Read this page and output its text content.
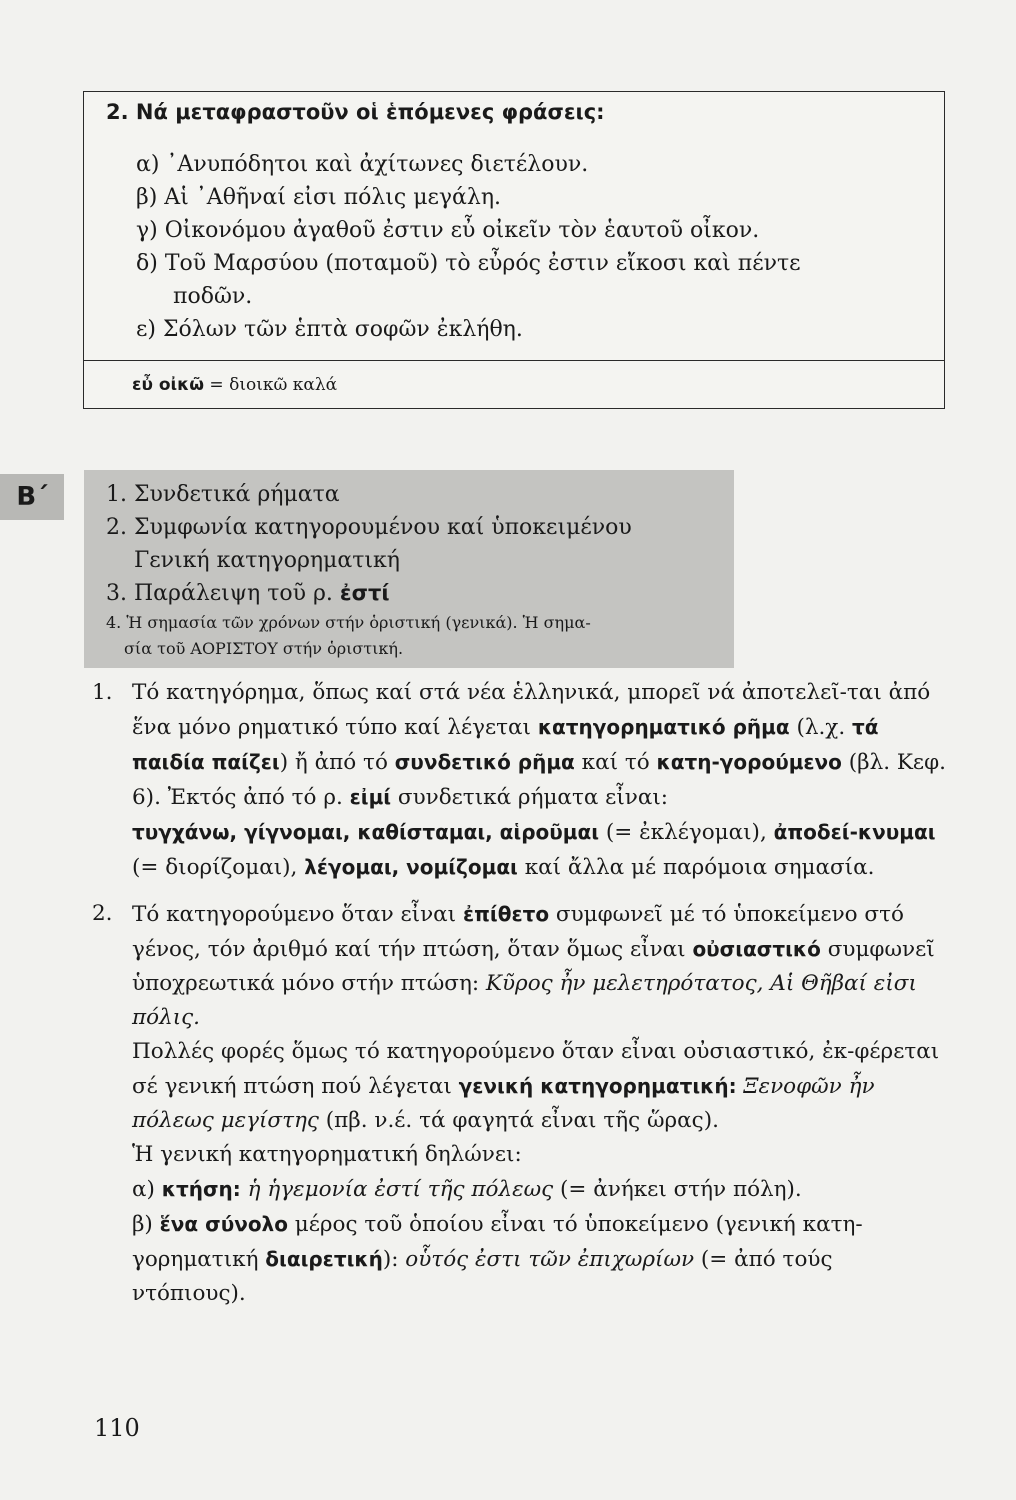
2. Νά μεταφραστοῦν οἱ ἑπόμενες φράσεις:
α) ᾽Ανυπόδητοι καὶ ἀχίτωνες διετέλουν.
β) Αἱ ᾽Αθῆναί εἰσι πόλις μεγάλη.
γ) Οἰκονόμου ἀγαθοῦ ἐστιν εὖ οἰκεῖν τὸν ἑαυτοῦ οἶκον.
δ) Τοῦ Μαρσύου (ποταμοῦ) τὸ εὖρός ἐστιν εἴκοσι καὶ πέντε
ποδῶν.
ε) Σόλων τῶν ἑπτὰ σοφῶν ἐκλήθη.
εὖ οἰκῶ = διοικῶ καλά
Β΄	1. Συνδετικά ρήματα
2. Συμφωνία κατηγορουμένου καί ὑποκειμένου
Γενική κατηγορηματική
3. Παράλειψη τοῦ ρ. ἐστί
4. Ἡ σημασία τῶν χρόνων στήν ὁριστική (γενικά). Ἡ σημα-
σία τοῦ ΑΟΡΙΣΤΟΥ στήν ὁριστική.
1. Τό κατηγόρημα, ὅπως καί στά νέα ἑλληνικά, μπορεῖ νά ἀποτελεῖ-ται ἀπό ἕνα μόνο ρηματικό τύπο καί λέγεται κατηγορηματικό ρῆμα (λ.χ. τά παιδία παίζει) ἤ ἀπό τό συνδετικό ρῆμα καί τό κατη-γορούμενο (βλ. Κεφ. 6). Ἐκτός ἀπό τό ρ. εἰμί συνδετικά ρήματα εἶναι:

τυγχάνω, γίγνομαι, καθίσταμαι, αἱροῦμαι (= ἐκλέγομαι), ἀποδεί-κνυμαι (= διορίζομαι), λέγομαι, νομίζομαι καί ἄλλα μέ παρόμοια σημασία.

2. Τό κατηγορούμενο ὅταν εἶναι ἐπίθετο συμφωνεῖ μέ τό ὑποκείμενο στό γένος, τόν ἀριθμό καί τήν πτώση, ὅταν ὅμως εἶναι οὐσιαστικό συμφωνεῖ ὑποχρεωτικά μόνο στήν πτώση: Κῦρος ἦν μελετηρότατος, Αἱ Θῆβαί εἰσι πόλις.

Πολλές φορές ὅμως τό κατηγορούμενο ὅταν εἶναι οὐσιαστικό, ἐκ-φέρεται σέ γενική πτώση πού λέγεται γενική κατηγορηματική: Ξενοφῶν ἦν πόλεως μεγίστης (πβ. ν.έ. τά φαγητά εἶναι τῆς ὥρας).

Ἡ γενική κατηγορηματική δηλώνει:

α) κτήση: ἡ ἡγεμονία ἐστί τῆς πόλεως (= ἀνήκει στήν πόλη).

β) ἕνα σύνολο μέρος τοῦ ὁποίου εἶναι τό ὑποκείμενο (γενική κατη-γορηματική διαιρετική): οὗτός ἐστι τῶν ἐπιχωρίων (= ἀπό τούς ντόπιους).

110
